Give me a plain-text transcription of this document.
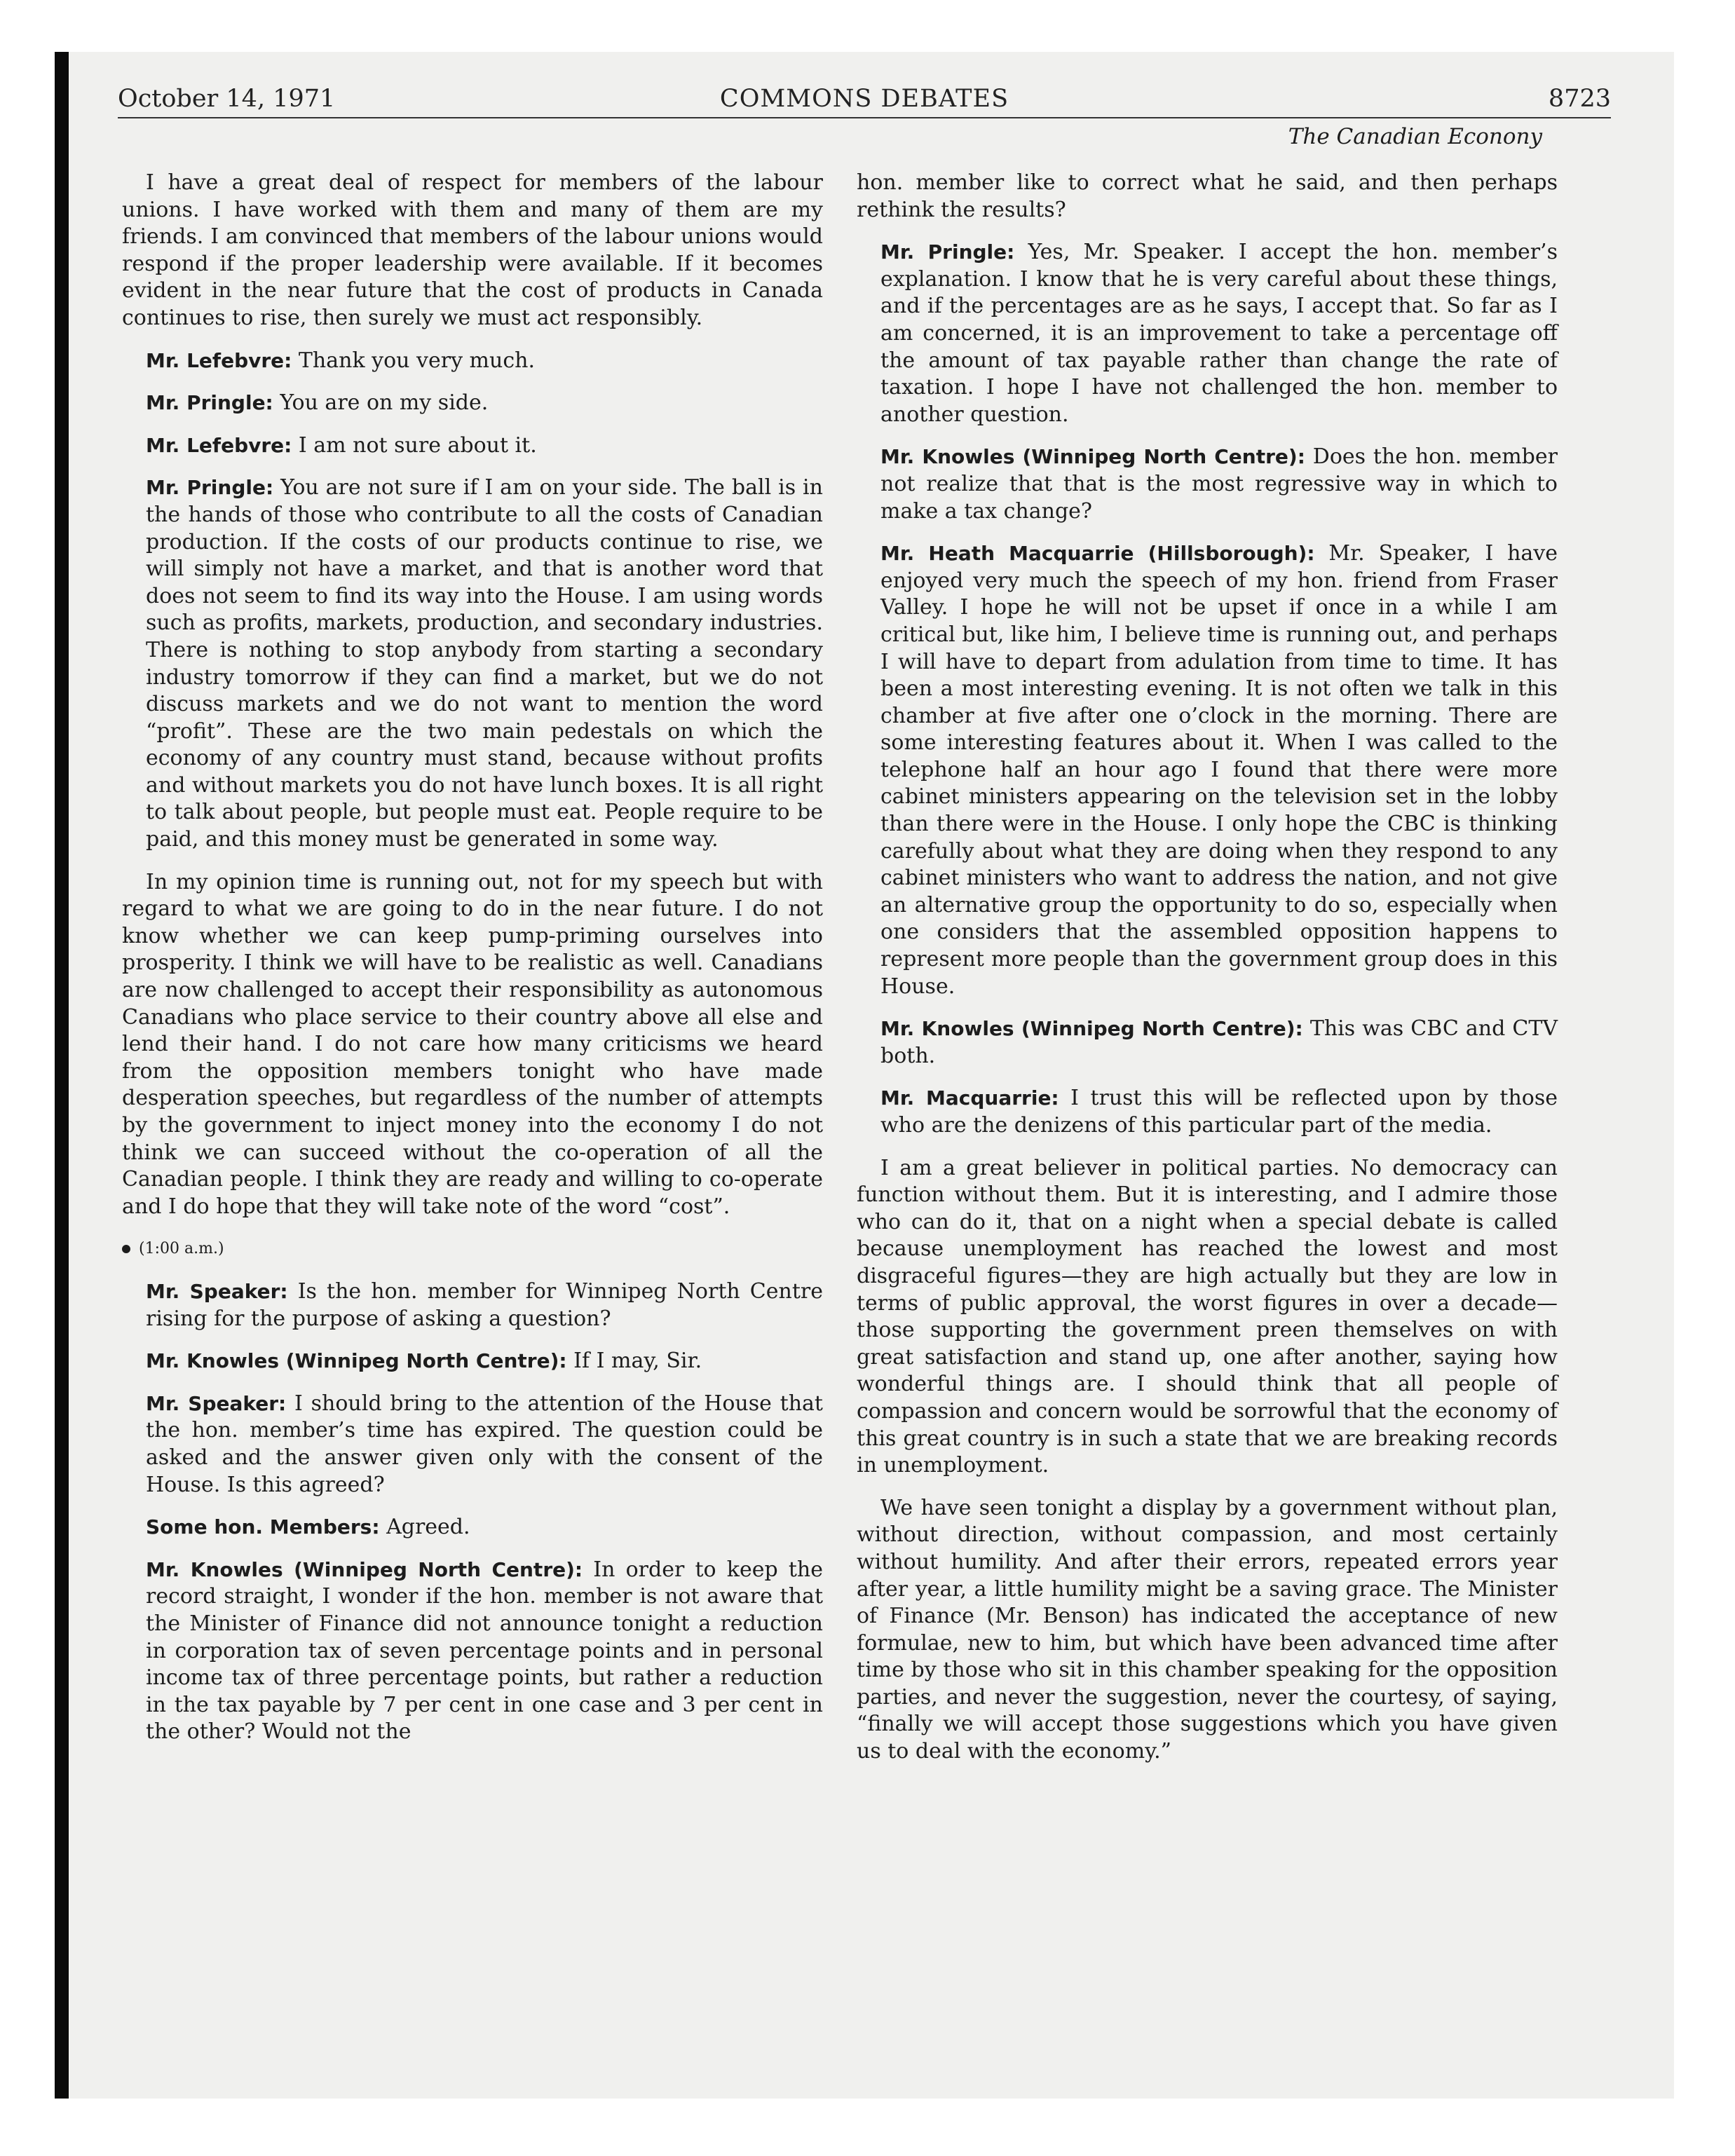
October 14, 1971	COMMONS DEBATES	8723
The Canadian Econony

I have a great deal of respect for members of the labour unions. I have worked with them and many of them are my friends. I am convinced that members of the labour unions would respond if the proper leadership were available. If it becomes evident in the near future that the cost of products in Canada continues to rise, then surely we must act responsibly.

Mr. Lefebvre: Thank you very much.

Mr. Pringle: You are on my side.

Mr. Lefebvre: I am not sure about it.

Mr. Pringle: You are not sure if I am on your side. The ball is in the hands of those who contribute to all the costs of Canadian production. If the costs of our products continue to rise, we will simply not have a market, and that is another word that does not seem to find its way into the House. I am using words such as profits, markets, production, and secondary industries. There is nothing to stop anybody from starting a secondary industry tomorrow if they can find a market, but we do not discuss markets and we do not want to mention the word “profit”. These are the two main pedestals on which the economy of any country must stand, because without profits and without markets you do not have lunch boxes. It is all right to talk about people, but people must eat. People require to be paid, and this money must be generated in some way.

In my opinion time is running out, not for my speech but with regard to what we are going to do in the near future. I do not know whether we can keep pump-priming ourselves into prosperity. I think we will have to be realistic as well. Canadians are now challenged to accept their responsibility as autonomous Canadians who place service to their country above all else and lend their hand. I do not care how many criticisms we heard from the opposition members tonight who have made desperation speeches, but regardless of the number of attempts by the government to inject money into the economy I do not think we can succeed without the co-operation of all the Canadian people. I think they are ready and willing to co-operate and I do hope that they will take note of the word “cost”.

(1:00 a.m.)

Mr. Speaker: Is the hon. member for Winnipeg North Centre rising for the purpose of asking a question?

Mr. Knowles (Winnipeg North Centre): If I may, Sir.

Mr. Speaker: I should bring to the attention of the House that the hon. member’s time has expired. The question could be asked and the answer given only with the consent of the House. Is this agreed?

Some hon. Members: Agreed.

Mr. Knowles (Winnipeg North Centre): In order to keep the record straight, I wonder if the hon. member is not aware that the Minister of Finance did not announce tonight a reduction in corporation tax of seven percentage points and in personal income tax of three percentage points, but rather a reduction in the tax payable by 7 per cent in one case and 3 per cent in the other? Would not the

hon. member like to correct what he said, and then perhaps rethink the results?

Mr. Pringle: Yes, Mr. Speaker. I accept the hon. member’s explanation. I know that he is very careful about these things, and if the percentages are as he says, I accept that. So far as I am concerned, it is an improvement to take a percentage off the amount of tax payable rather than change the rate of taxation. I hope I have not challenged the hon. member to another question.

Mr. Knowles (Winnipeg North Centre): Does the hon. member not realize that that is the most regressive way in which to make a tax change?

Mr. Heath Macquarrie (Hillsborough): Mr. Speaker, I have enjoyed very much the speech of my hon. friend from Fraser Valley. I hope he will not be upset if once in a while I am critical but, like him, I believe time is running out, and perhaps I will have to depart from adulation from time to time. It has been a most interesting evening. It is not often we talk in this chamber at five after one o’clock in the morning. There are some interesting features about it. When I was called to the telephone half an hour ago I found that there were more cabinet ministers appearing on the television set in the lobby than there were in the House. I only hope the CBC is thinking carefully about what they are doing when they respond to any cabinet ministers who want to address the nation, and not give an alternative group the opportunity to do so, especially when one considers that the assembled opposition happens to represent more people than the government group does in this House.

Mr. Knowles (Winnipeg North Centre): This was CBC and CTV both.

Mr. Macquarrie: I trust this will be reflected upon by those who are the denizens of this particular part of the media.

I am a great believer in political parties. No democracy can function without them. But it is interesting, and I admire those who can do it, that on a night when a special debate is called because unemployment has reached the lowest and most disgraceful figures—they are high actually but they are low in terms of public approval, the worst figures in over a decade—those supporting the government preen themselves on with great satisfaction and stand up, one after another, saying how wonderful things are. I should think that all people of compassion and concern would be sorrowful that the economy of this great country is in such a state that we are breaking records in unemployment.

We have seen tonight a display by a government without plan, without direction, without compassion, and most certainly without humility. And after their errors, repeated errors year after year, a little humility might be a saving grace. The Minister of Finance (Mr. Benson) has indicated the acceptance of new formulae, new to him, but which have been advanced time after time by those who sit in this chamber speaking for the opposition parties, and never the suggestion, never the courtesy, of saying, “finally we will accept those suggestions which you have given us to deal with the economy.”
